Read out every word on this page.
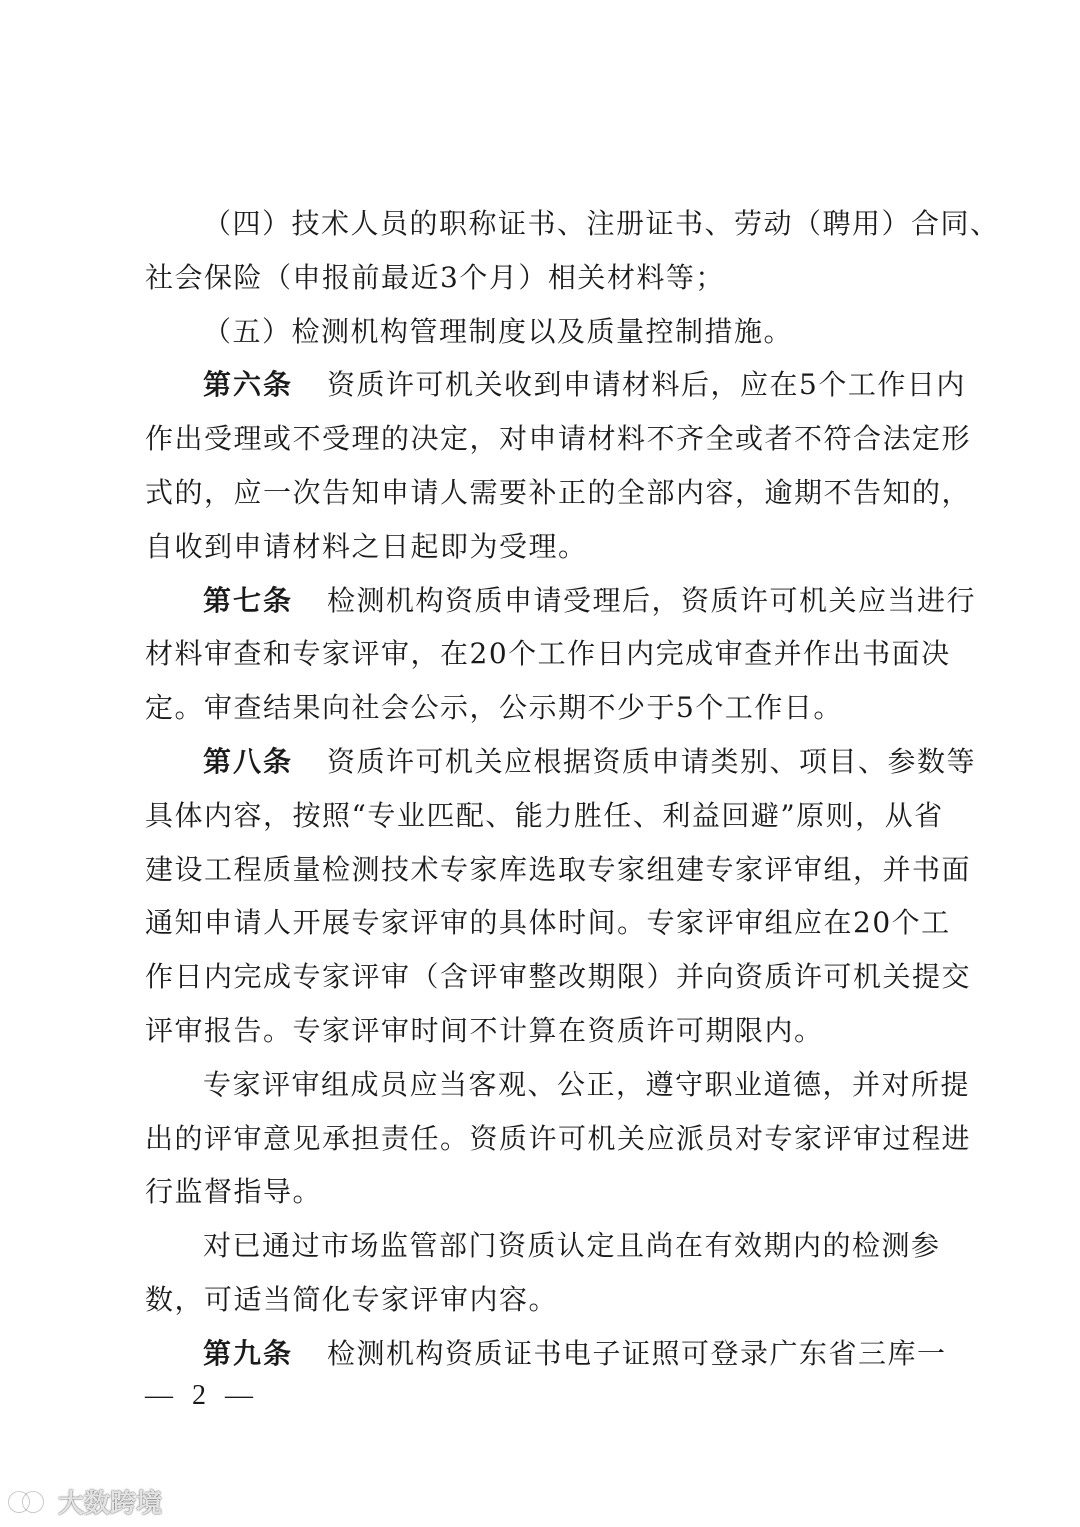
（四）技术人员的职称证书、注册证书、劳动（聘用）合同、
社会保险（申报前最近3个月）相关材料等；
（五）检测机构管理制度以及质量控制措施。
第六条 资质许可机关收到申请材料后，应在5个工作日内
作出受理或不受理的决定，对申请材料不齐全或者不符合法定形
式的，应一次告知申请人需要补正的全部内容，逾期不告知的，
自收到申请材料之日起即为受理。
第七条 检测机构资质申请受理后，资质许可机关应当进行
材料审查和专家评审，在20个工作日内完成审查并作出书面决
定。审查结果向社会公示，公示期不少于5个工作日。
第八条 资质许可机关应根据资质申请类别、项目、参数等
具体内容，按照“专业匹配、能力胜任、利益回避”原则，从省
建设工程质量检测技术专家库选取专家组建专家评审组，并书面
通知申请人开展专家评审的具体时间。专家评审组应在20个工
作日内完成专家评审（含评审整改期限）并向资质许可机关提交
评审报告。专家评审时间不计算在资质许可期限内。
专家评审组成员应当客观、公正，遵守职业道德，并对所提
出的评审意见承担责任。资质许可机关应派员对专家评审过程进
行监督指导。
对已通过市场监管部门资质认定且尚在有效期内的检测参
数，可适当简化专家评审内容。
第九条 检测机构资质证书电子证照可登录广东省三库一
— 2 —
大数跨境
